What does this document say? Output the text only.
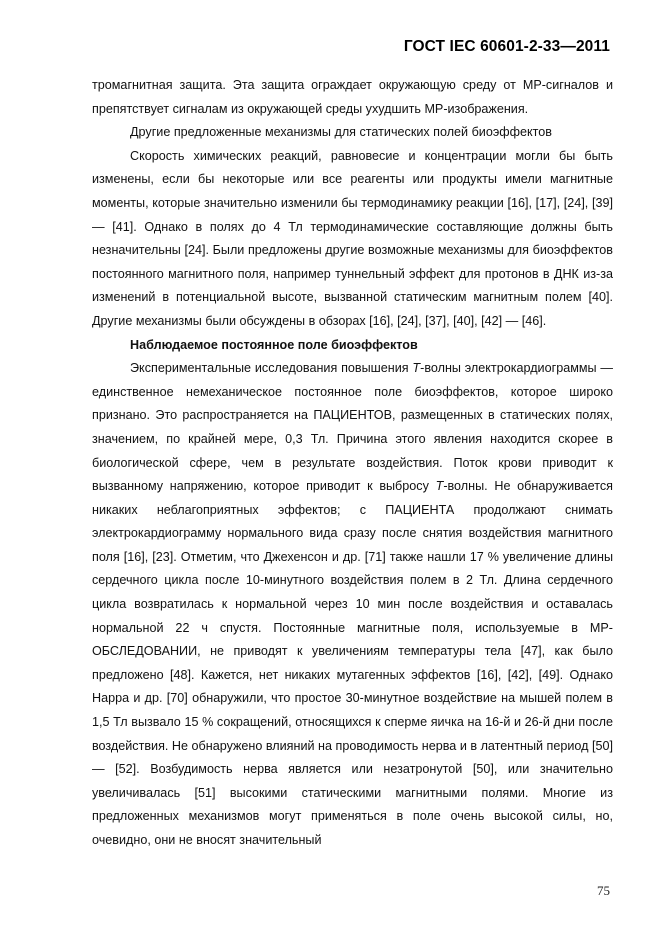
ГОСТ IEC 60601-2-33—2011

тромагнитная защита. Эта защита ограждает окружающую среду от МР-сигналов и препятствует сигналам из окружающей среды ухудшить МР-изображения.

Другие предложенные механизмы для статических полей биоэффектов

Скорость химических реакций, равновесие и концентрации могли бы быть изменены, если бы некоторые или все реагенты или продукты имели магнитные моменты, которые значительно изменили бы термодинамику реакции [16], [17], [24], [39] — [41]. Однако в полях до 4 Тл термодинамические составляющие должны быть незначительны [24]. Были предложены другие возможные механизмы для биоэффектов постоянного магнитного поля, например туннельный эффект для протонов в ДНК из-за изменений в потенциальной высоте, вызванной статическим магнитным полем [40]. Другие механизмы были обсуждены в обзорах [16], [24], [37], [40], [42] — [46].

Наблюдаемое постоянное поле биоэффектов

Экспериментальные исследования повышения T-волны электрокардиограммы — единственное немеханическое постоянное поле биоэффектов, которое широко признано. Это распространяется на ПАЦИЕНТОВ, размещенных в статических полях, значением, по крайней мере, 0,3 Тл. Причина этого явления находится скорее в биологической сфере, чем в результате воздействия. Поток крови приводит к вызванному напряжению, которое приводит к выбросу T-волны. Не обнаруживается никаких неблагоприятных эффектов; с ПАЦИЕНТА продолжают снимать электрокардиограмму нормального вида сразу после снятия воздействия магнитного поля [16], [23]. Отметим, что Джехенсон и др. [71] также нашли 17 % увеличение длины сердечного цикла после 10-минутного воздействия полем в 2 Тл. Длина сердечного цикла возвратилась к нормальной через 10 мин после воздействия и оставалась нормальной 22 ч спустя. Постоянные магнитные поля, используемые в МР-ОБСЛЕДОВАНИИ, не приводят к увеличениям температуры тела [47], как было предложено [48]. Кажется, нет никаких мутагенных эффектов [16], [42], [49]. Однако Нарра и др. [70] обнаружили, что простое 30-минутное воздействие на мышей полем в 1,5 Тл вызвало 15 % сокращений, относящихся к сперме яичка на 16-й и 26-й дни после воздействия. Не обнаружено влияний на проводимость нерва и в латентный период [50] — [52]. Возбудимость нерва является или незатронутой [50], или значительно увеличивалась [51] высокими статическими магнитными полями. Многие из предложенных механизмов могут применяться в поле очень высокой силы, но, очевидно, они не вносят значительный

75
